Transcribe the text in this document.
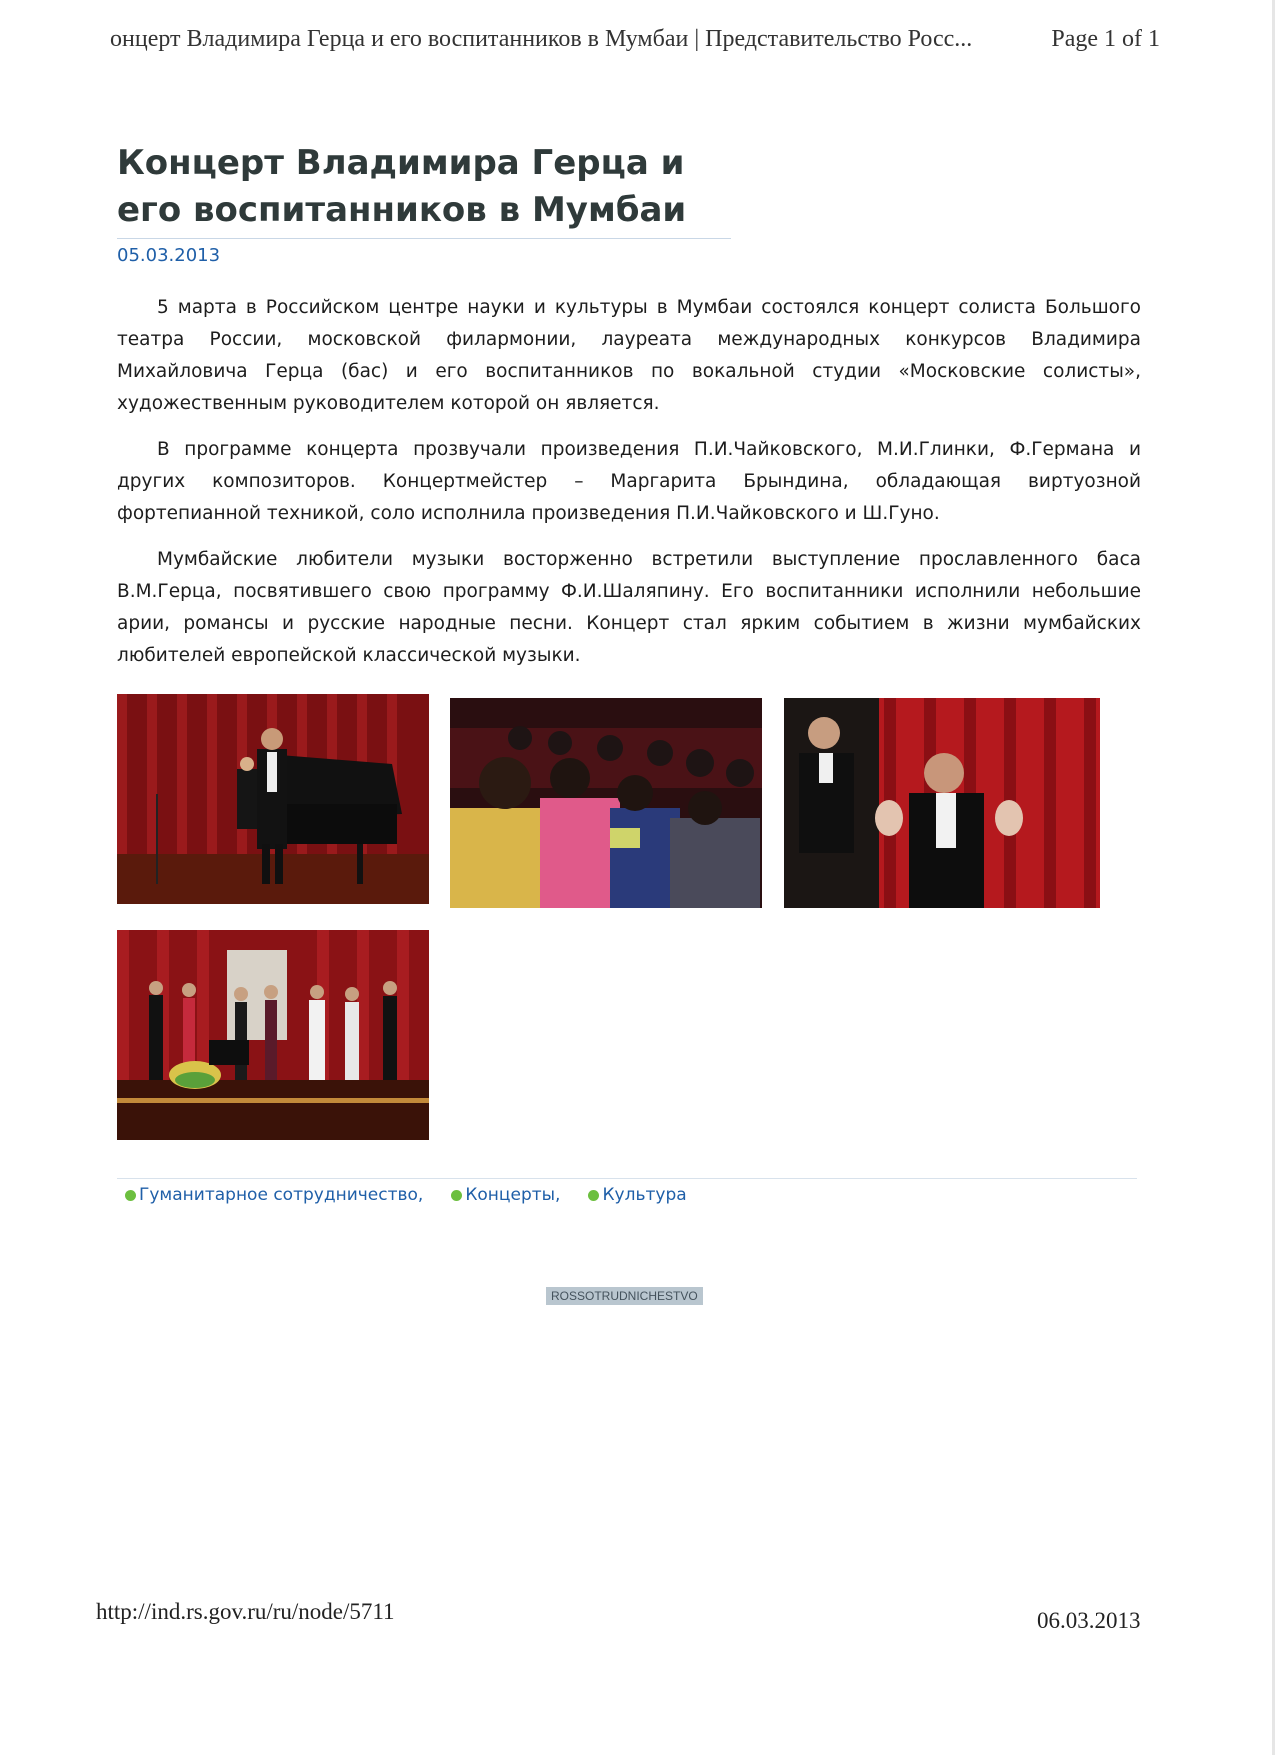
онцерт Владимира Герца и его воспитанников в Мумбаи | Представительство Росс...	Page 1 of 1
Концерт Владимира Герца и его воспитанников в Мумбаи
05.03.2013

5 марта в Российском центре науки и культуры в Мумбаи состоялся концерт солиста Большого театра России, московской филармонии, лауреата международных конкурсов Владимира Михайловича Герца (бас) и его воспитанников по вокальной студии «Московские солисты», художественным руководителем которой он является.

В программе концерта прозвучали произведения П.И.Чайковского, М.И.Глинки, Ф.Германа и других композиторов. Концертмейстер – Маргарита Брындина, обладающая виртуозной фортепианной техникой, соло исполнила произведения П.И.Чайковского и Ш.Гуно.

Мумбайские любители музыки восторженно встретили выступление прославленного баса В.М.Герца, посвятившего свою программу Ф.И.Шаляпину. Его воспитанники исполнили небольшие арии, романсы и русские народные песни. Концерт стал ярким событием в жизни мумбайских любителей европейской классической музыки.

Гуманитарное сотрудничество, Концерты, Культура
ROSSOTRUDNICHESTVO
http://ind.rs.gov.ru/ru/node/5711	06.03.2013
